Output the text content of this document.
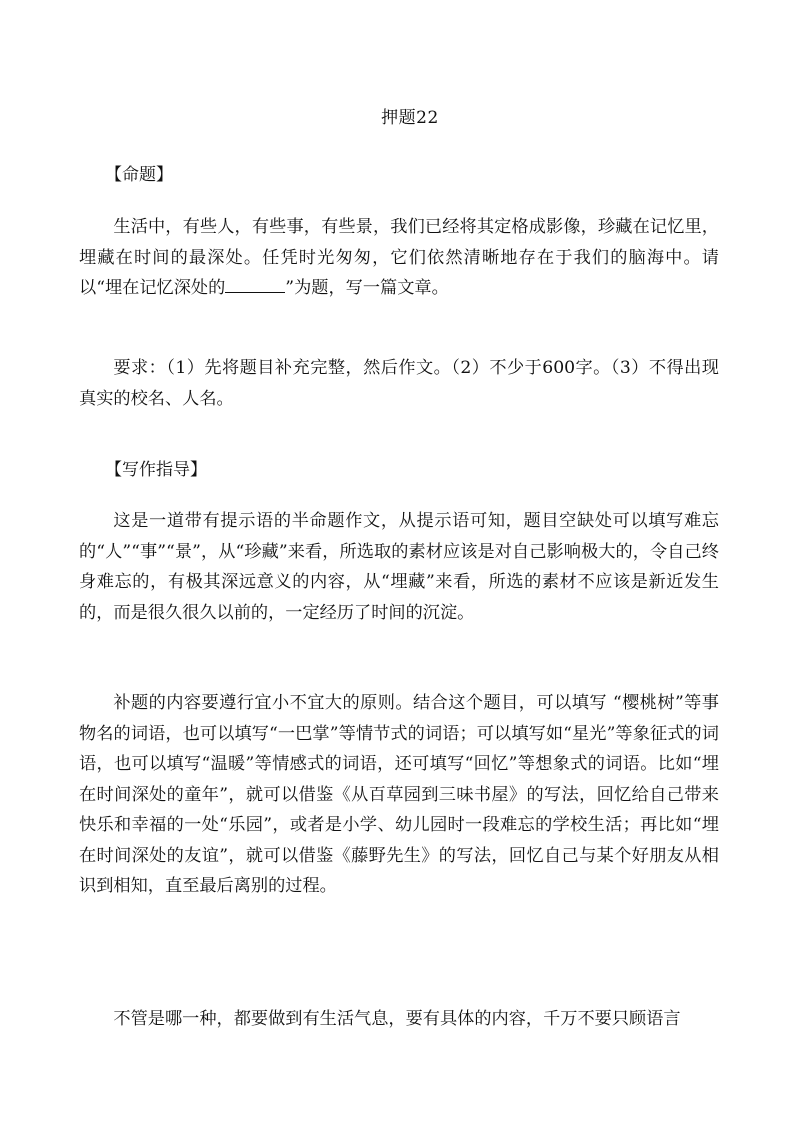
押题22
【命题】
生活中，有些人，有些事，有些景，我们已经将其定格成影像，珍藏在记忆里，埋藏在时间的最深处。任凭时光匆匆，它们依然清晰地存在于我们的脑海中。请以“埋在记忆深处的	”为题，写一篇文章。
要求：（1）先将题目补充完整，然后作文。（2）不少于600字。（3）不得出现真实的校名、人名。
【写作指导】
这是一道带有提示语的半命题作文，从提示语可知，题目空缺处可以填写难忘的“人”“事”“景”，从“珍藏”来看，所选取的素材应该是对自己影响极大的，令自己终身难忘的，有极其深远意义的内容，从“埋藏”来看，所选的素材不应该是新近发生的，而是很久很久以前的，一定经历了时间的沉淀。
补题的内容要遵行宜小不宜大的原则。结合这个题目，可以填写 “樱桃树”等事物名的词语，也可以填写“一巴掌”等情节式的词语；可以填写如“星光”等象征式的词语，也可以填写“温暖”等情感式的词语，还可填写“回忆”等想象式的词语。比如“埋在时间深处的童年”，就可以借鉴《从百草园到三味书屋》的写法，回忆给自己带来快乐和幸福的一处“乐园”，或者是小学、幼儿园时一段难忘的学校生活；再比如“埋在时间深处的友谊”，就可以借鉴《藤野先生》的写法，回忆自己与某个好朋友从相识到相知，直至最后离别的过程。
不管是哪一种，都要做到有生活气息，要有具体的内容，千万不要只顾语言
